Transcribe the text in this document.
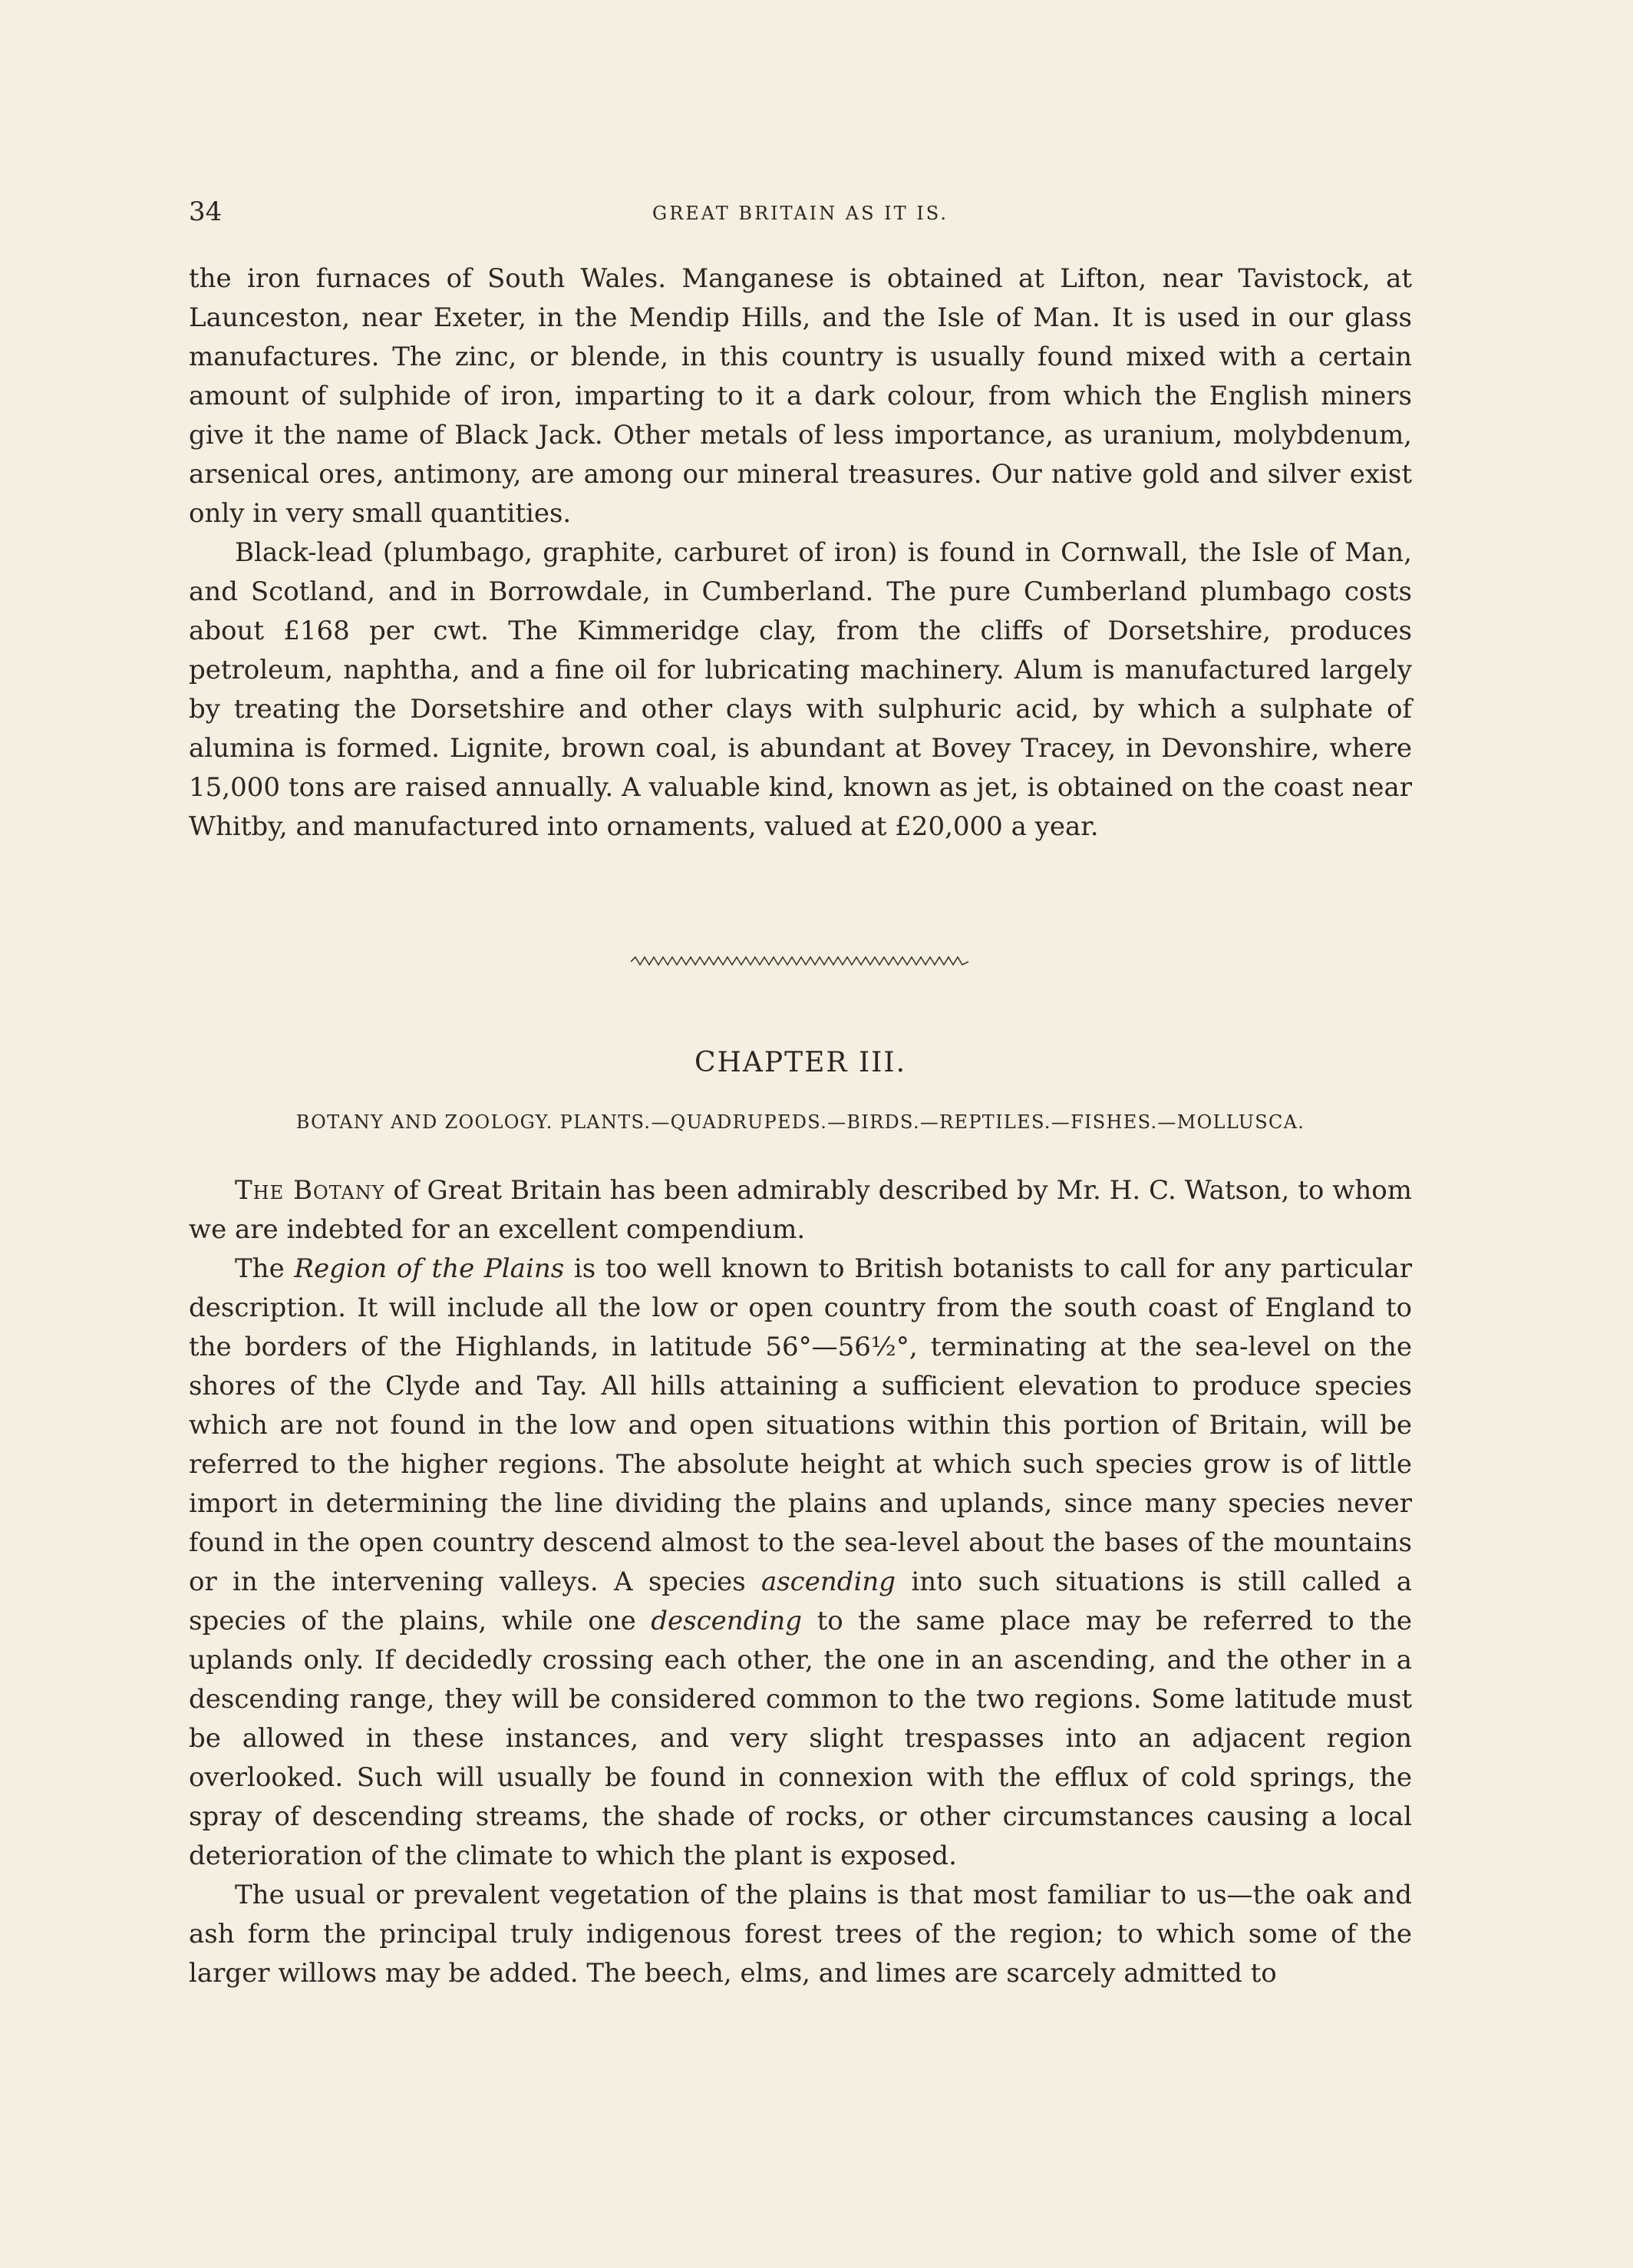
34	GREAT BRITAIN AS IT IS.

the iron furnaces of South Wales. Manganese is obtained at Lifton, near Tavistock, at Launceston, near Exeter, in the Mendip Hills, and the Isle of Man. It is used in our glass manufactures. The zinc, or blende, in this country is usually found mixed with a certain amount of sulphide of iron, imparting to it a dark colour, from which the English miners give it the name of Black Jack. Other metals of less importance, as uranium, molybdenum, arsenical ores, antimony, are among our mineral treasures. Our native gold and silver exist only in very small quantities.

Black-lead (plumbago, graphite, carburet of iron) is found in Cornwall, the Isle of Man, and Scotland, and in Borrowdale, in Cumberland. The pure Cumberland plumbago costs about £168 per cwt. The Kimmeridge clay, from the cliffs of Dorsetshire, produces petroleum, naphtha, and a fine oil for lubricating machinery. Alum is manufactured largely by treating the Dorsetshire and other clays with sulphuric acid, by which a sulphate of alumina is formed. Lignite, brown coal, is abundant at Bovey Tracey, in Devonshire, where 15,000 tons are raised annually. A valuable kind, known as jet, is obtained on the coast near Whitby, and manufactured into ornaments, valued at £20,000 a year.

CHAPTER III.
BOTANY AND ZOOLOGY. PLANTS.—QUADRUPEDS.—BIRDS.—REPTILES.—FISHES.—MOLLUSCA.

The Botany of Great Britain has been admirably described by Mr. H. C. Watson, to whom we are indebted for an excellent compendium.

The Region of the Plains is too well known to British botanists to call for any particular description. It will include all the low or open country from the south coast of England to the borders of the Highlands, in latitude 56°—56½°, terminating at the sea-level on the shores of the Clyde and Tay. All hills attaining a sufficient elevation to produce species which are not found in the low and open situations within this portion of Britain, will be referred to the higher regions. The absolute height at which such species grow is of little import in determining the line dividing the plains and uplands, since many species never found in the open country descend almost to the sea-level about the bases of the mountains or in the intervening valleys. A species ascending into such situations is still called a species of the plains, while one descending to the same place may be referred to the uplands only. If decidedly crossing each other, the one in an ascending, and the other in a descending range, they will be considered common to the two regions. Some latitude must be allowed in these instances, and very slight trespasses into an adjacent region overlooked. Such will usually be found in connexion with the efflux of cold springs, the spray of descending streams, the shade of rocks, or other circumstances causing a local deterioration of the climate to which the plant is exposed.

The usual or prevalent vegetation of the plains is that most familiar to us—the oak and ash form the principal truly indigenous forest trees of the region; to which some of the larger willows may be added. The beech, elms, and limes are scarcely admitted to
